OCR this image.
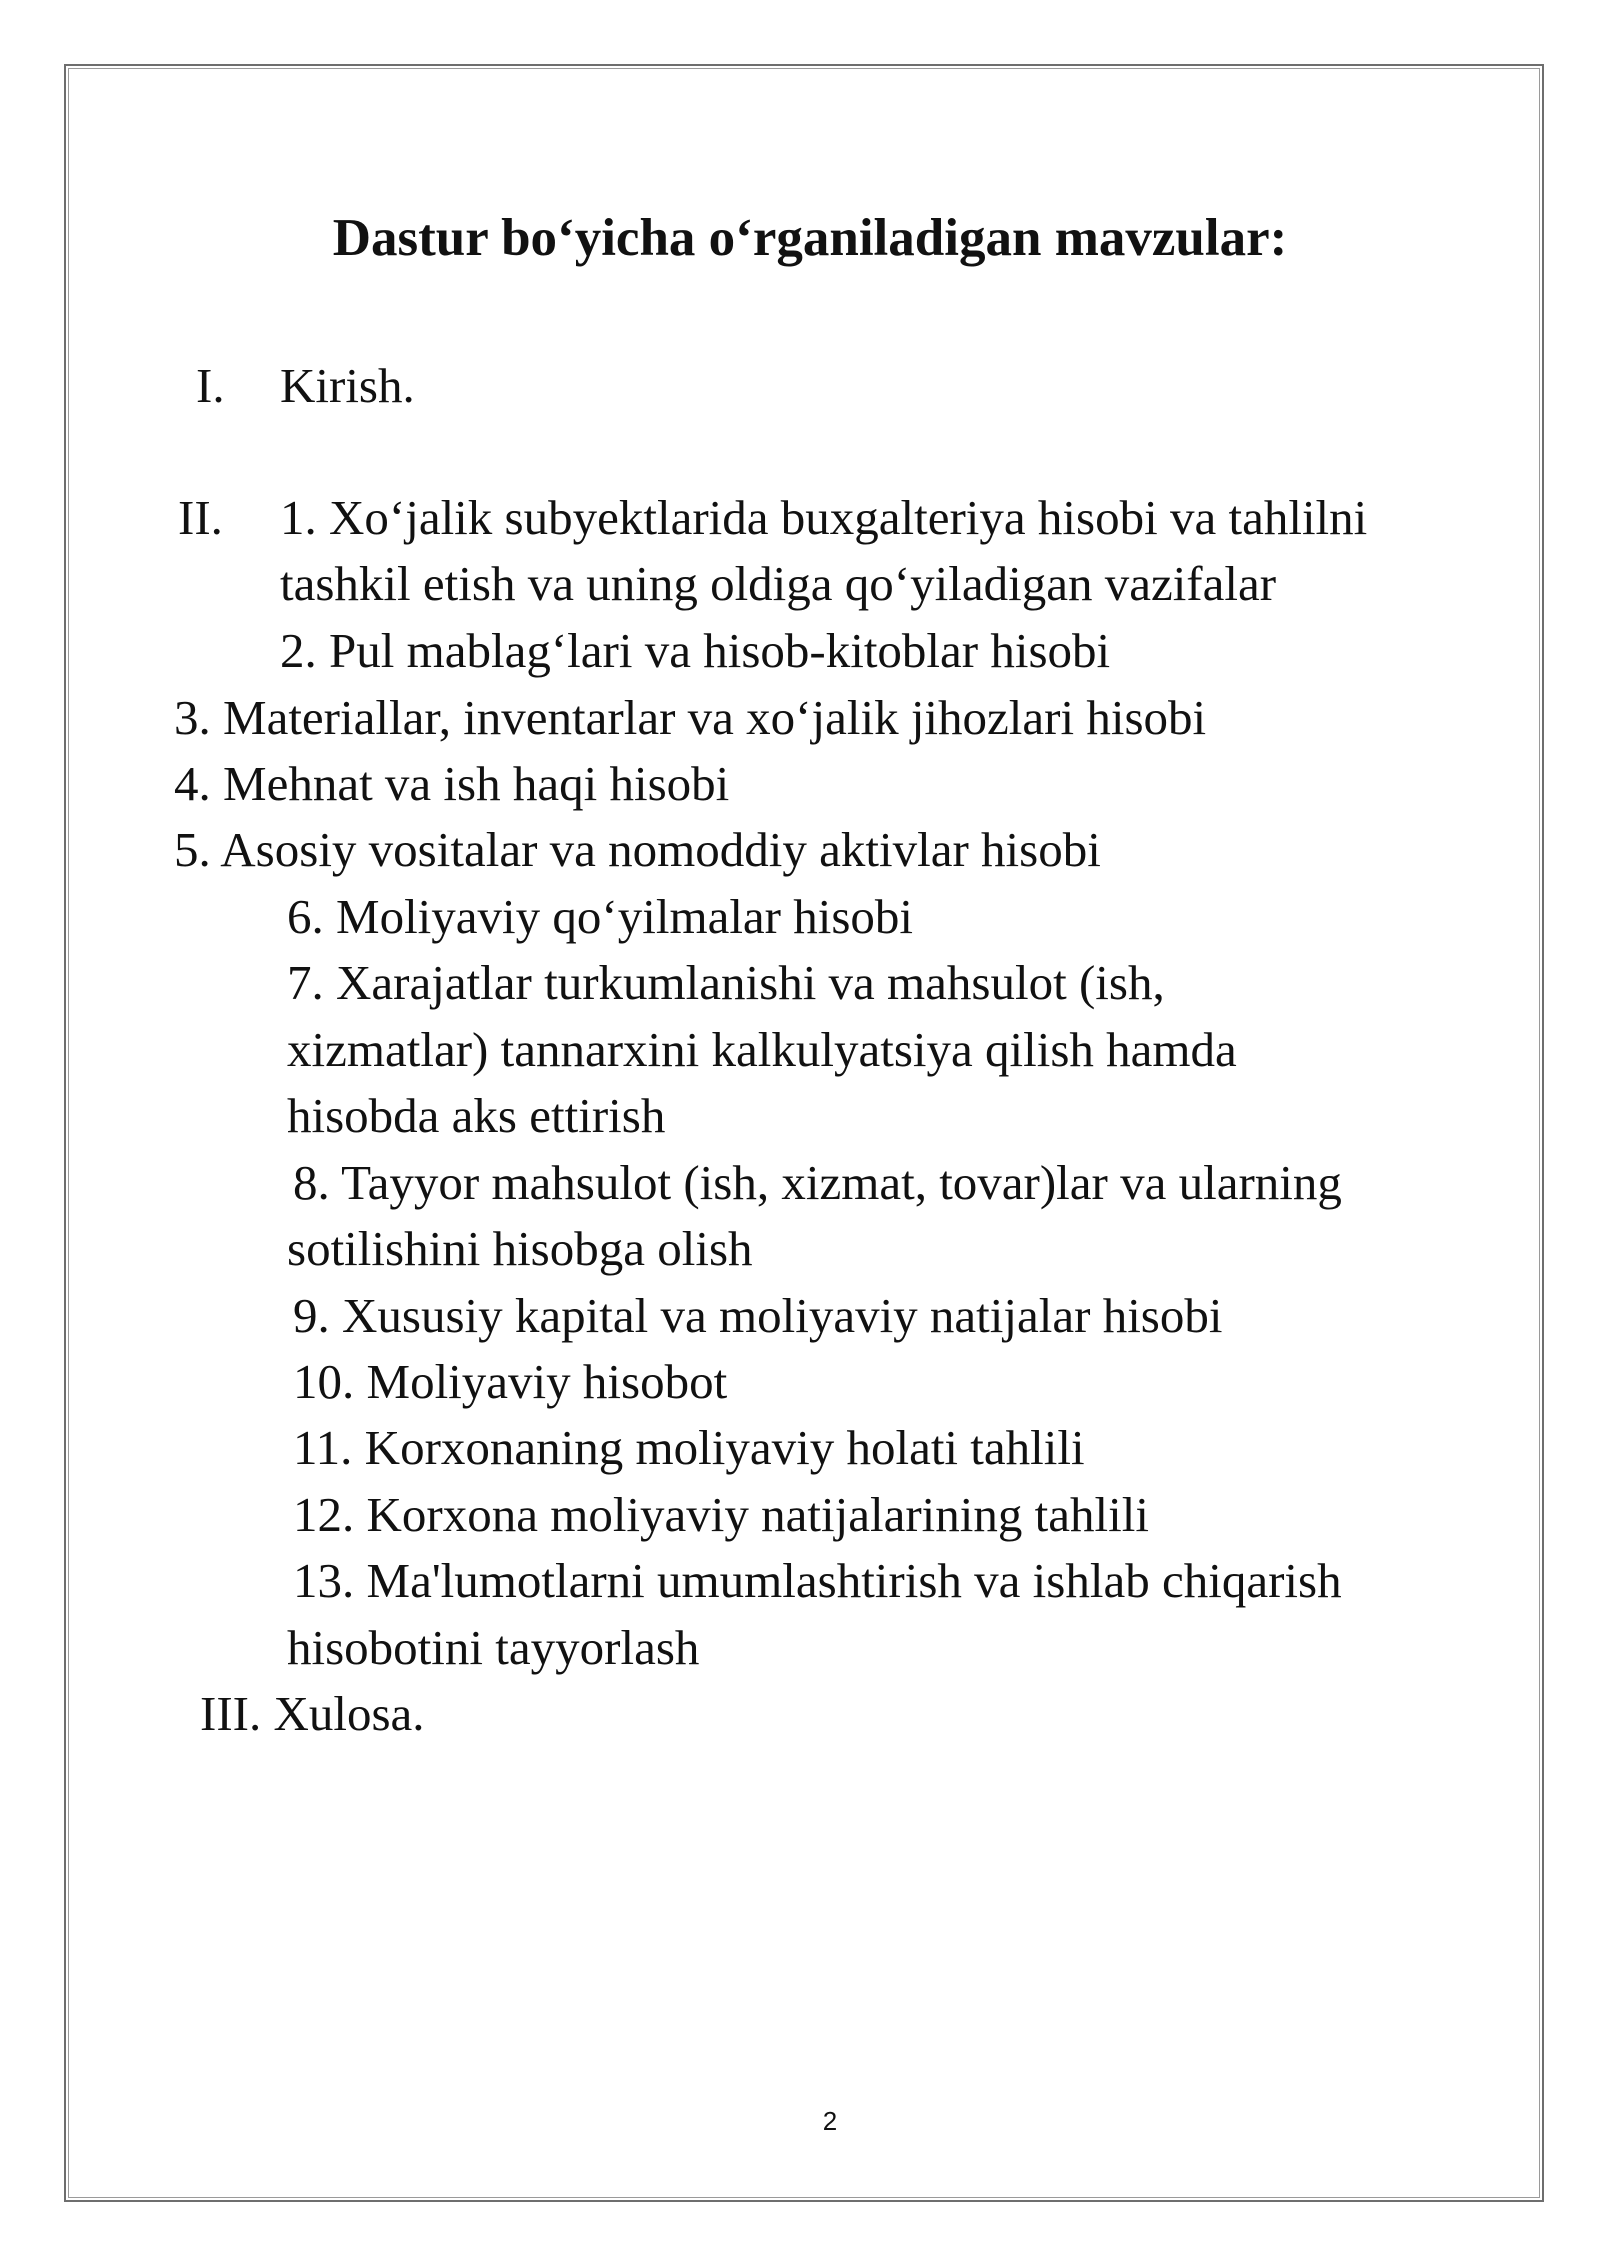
Dastur bo‘yicha o‘rganiladigan mavzular:
I. Kirish.
II. 1. Xo‘jalik subyektlarida buxgalteriya hisobi va tahlilni
tashkil etish va uning oldiga qo‘yiladigan vazifalar
2. Pul mablag‘lari va hisob-kitoblar hisobi
3. Materiallar, inventarlar va xo‘jalik jihozlari hisobi
4. Mehnat va ish haqi hisobi
5. Asosiy vositalar va nomoddiy aktivlar hisobi
6. Moliyaviy qo‘yilmalar hisobi
7. Xarajatlar turkumlanishi va mahsulot (ish,
xizmatlar) tannarxini kalkulyatsiya qilish hamda
hisobda aks ettirish
8. Tayyor mahsulot (ish, xizmat, tovar)lar va ularning
sotilishini hisobga olish
9. Xususiy kapital va moliyaviy natijalar hisobi
10. Moliyaviy hisobot
11. Korxonaning moliyaviy holati tahlili
12. Korxona moliyaviy natijalarining tahlili
13. Ma'lumotlarni umumlashtirish va ishlab chiqarish
hisobotini tayyorlash
III. Xulosa.
2
